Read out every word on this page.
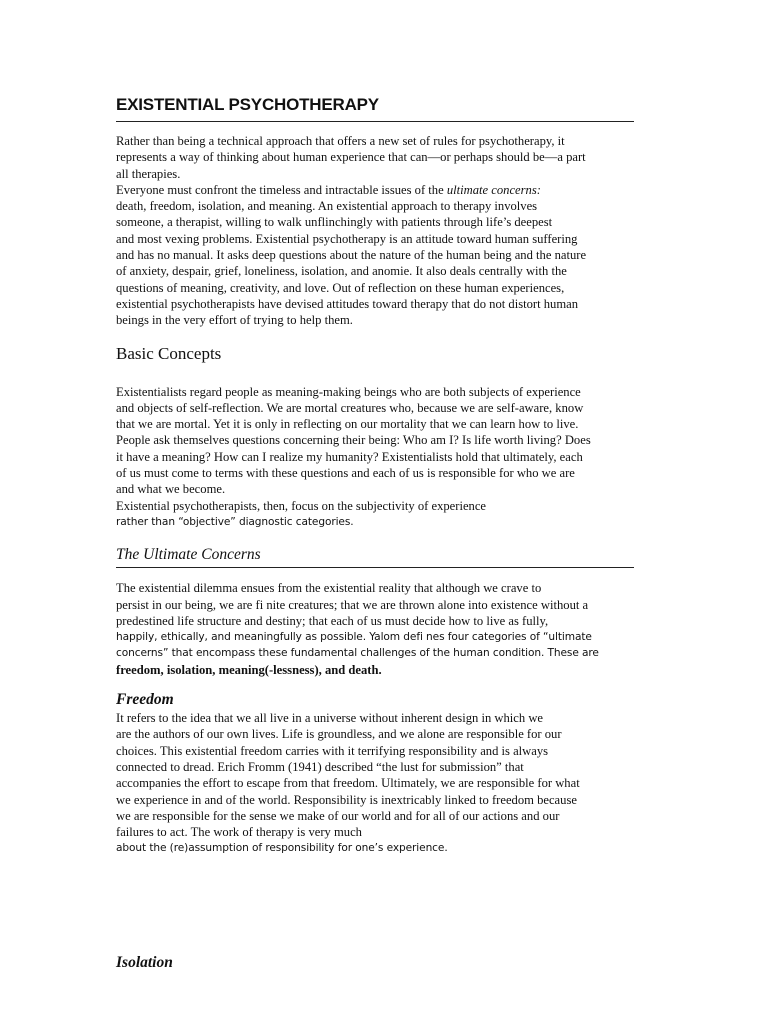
EXISTENTIAL PSYCHOTHERAPY

Rather than being a technical approach that offers a new set of rules for psychotherapy, it
represents a way of thinking about human experience that can—or perhaps should be—a part
all therapies.
Everyone must confront the timeless and intractable issues of the ultimate concerns:
death, freedom, isolation, and meaning. An existential approach to therapy involves
someone, a therapist, willing to walk unflinchingly with patients through life’s deepest
and most vexing problems. Existential psychotherapy is an attitude toward human suffering
and has no manual. It asks deep questions about the nature of the human being and the nature
of anxiety, despair, grief, loneliness, isolation, and anomie. It also deals centrally with the
questions of meaning, creativity, and love. Out of reflection on these human experiences,
existential psychotherapists have devised attitudes toward therapy that do not distort human
beings in the very effort of trying to help them.

Basic Concepts

Existentialists regard people as meaning-making beings who are both subjects of experience
and objects of self-reflection. We are mortal creatures who, because we are self-aware, know
that we are mortal. Yet it is only in reflecting on our mortality that we can learn how to live.
People ask themselves questions concerning their being: Who am I? Is life worth living? Does
it have a meaning? How can I realize my humanity? Existentialists hold that ultimately, each
of us must come to terms with these questions and each of us is responsible for who we are
and what we become.
Existential psychotherapists, then, focus on the subjectivity of experience
rather than “objective” diagnostic categories.

The Ultimate Concerns

The existential dilemma ensues from the existential reality that although we crave to
persist in our being, we are fi nite creatures; that we are thrown alone into existence without a
predestined life structure and destiny; that each of us must decide how to live as fully,
happily, ethically, and meaningfully as possible. Yalom defi nes four categories of “ultimate
concerns” that encompass these fundamental challenges of the human condition. These are
freedom, isolation, meaning(-lessness), and death.

Freedom

It refers to the idea that we all live in a universe without inherent design in which we
are the authors of our own lives. Life is groundless, and we alone are responsible for our
choices. This existential freedom carries with it terrifying responsibility and is always
connected to dread. Erich Fromm (1941) described “the lust for submission” that
accompanies the effort to escape from that freedom. Ultimately, we are responsible for what
we experience in and of the world. Responsibility is inextricably linked to freedom because
we are responsible for the sense we make of our world and for all of our actions and our
failures to act. The work of therapy is very much
about the (re)assumption of responsibility for one’s experience.

Isolation
